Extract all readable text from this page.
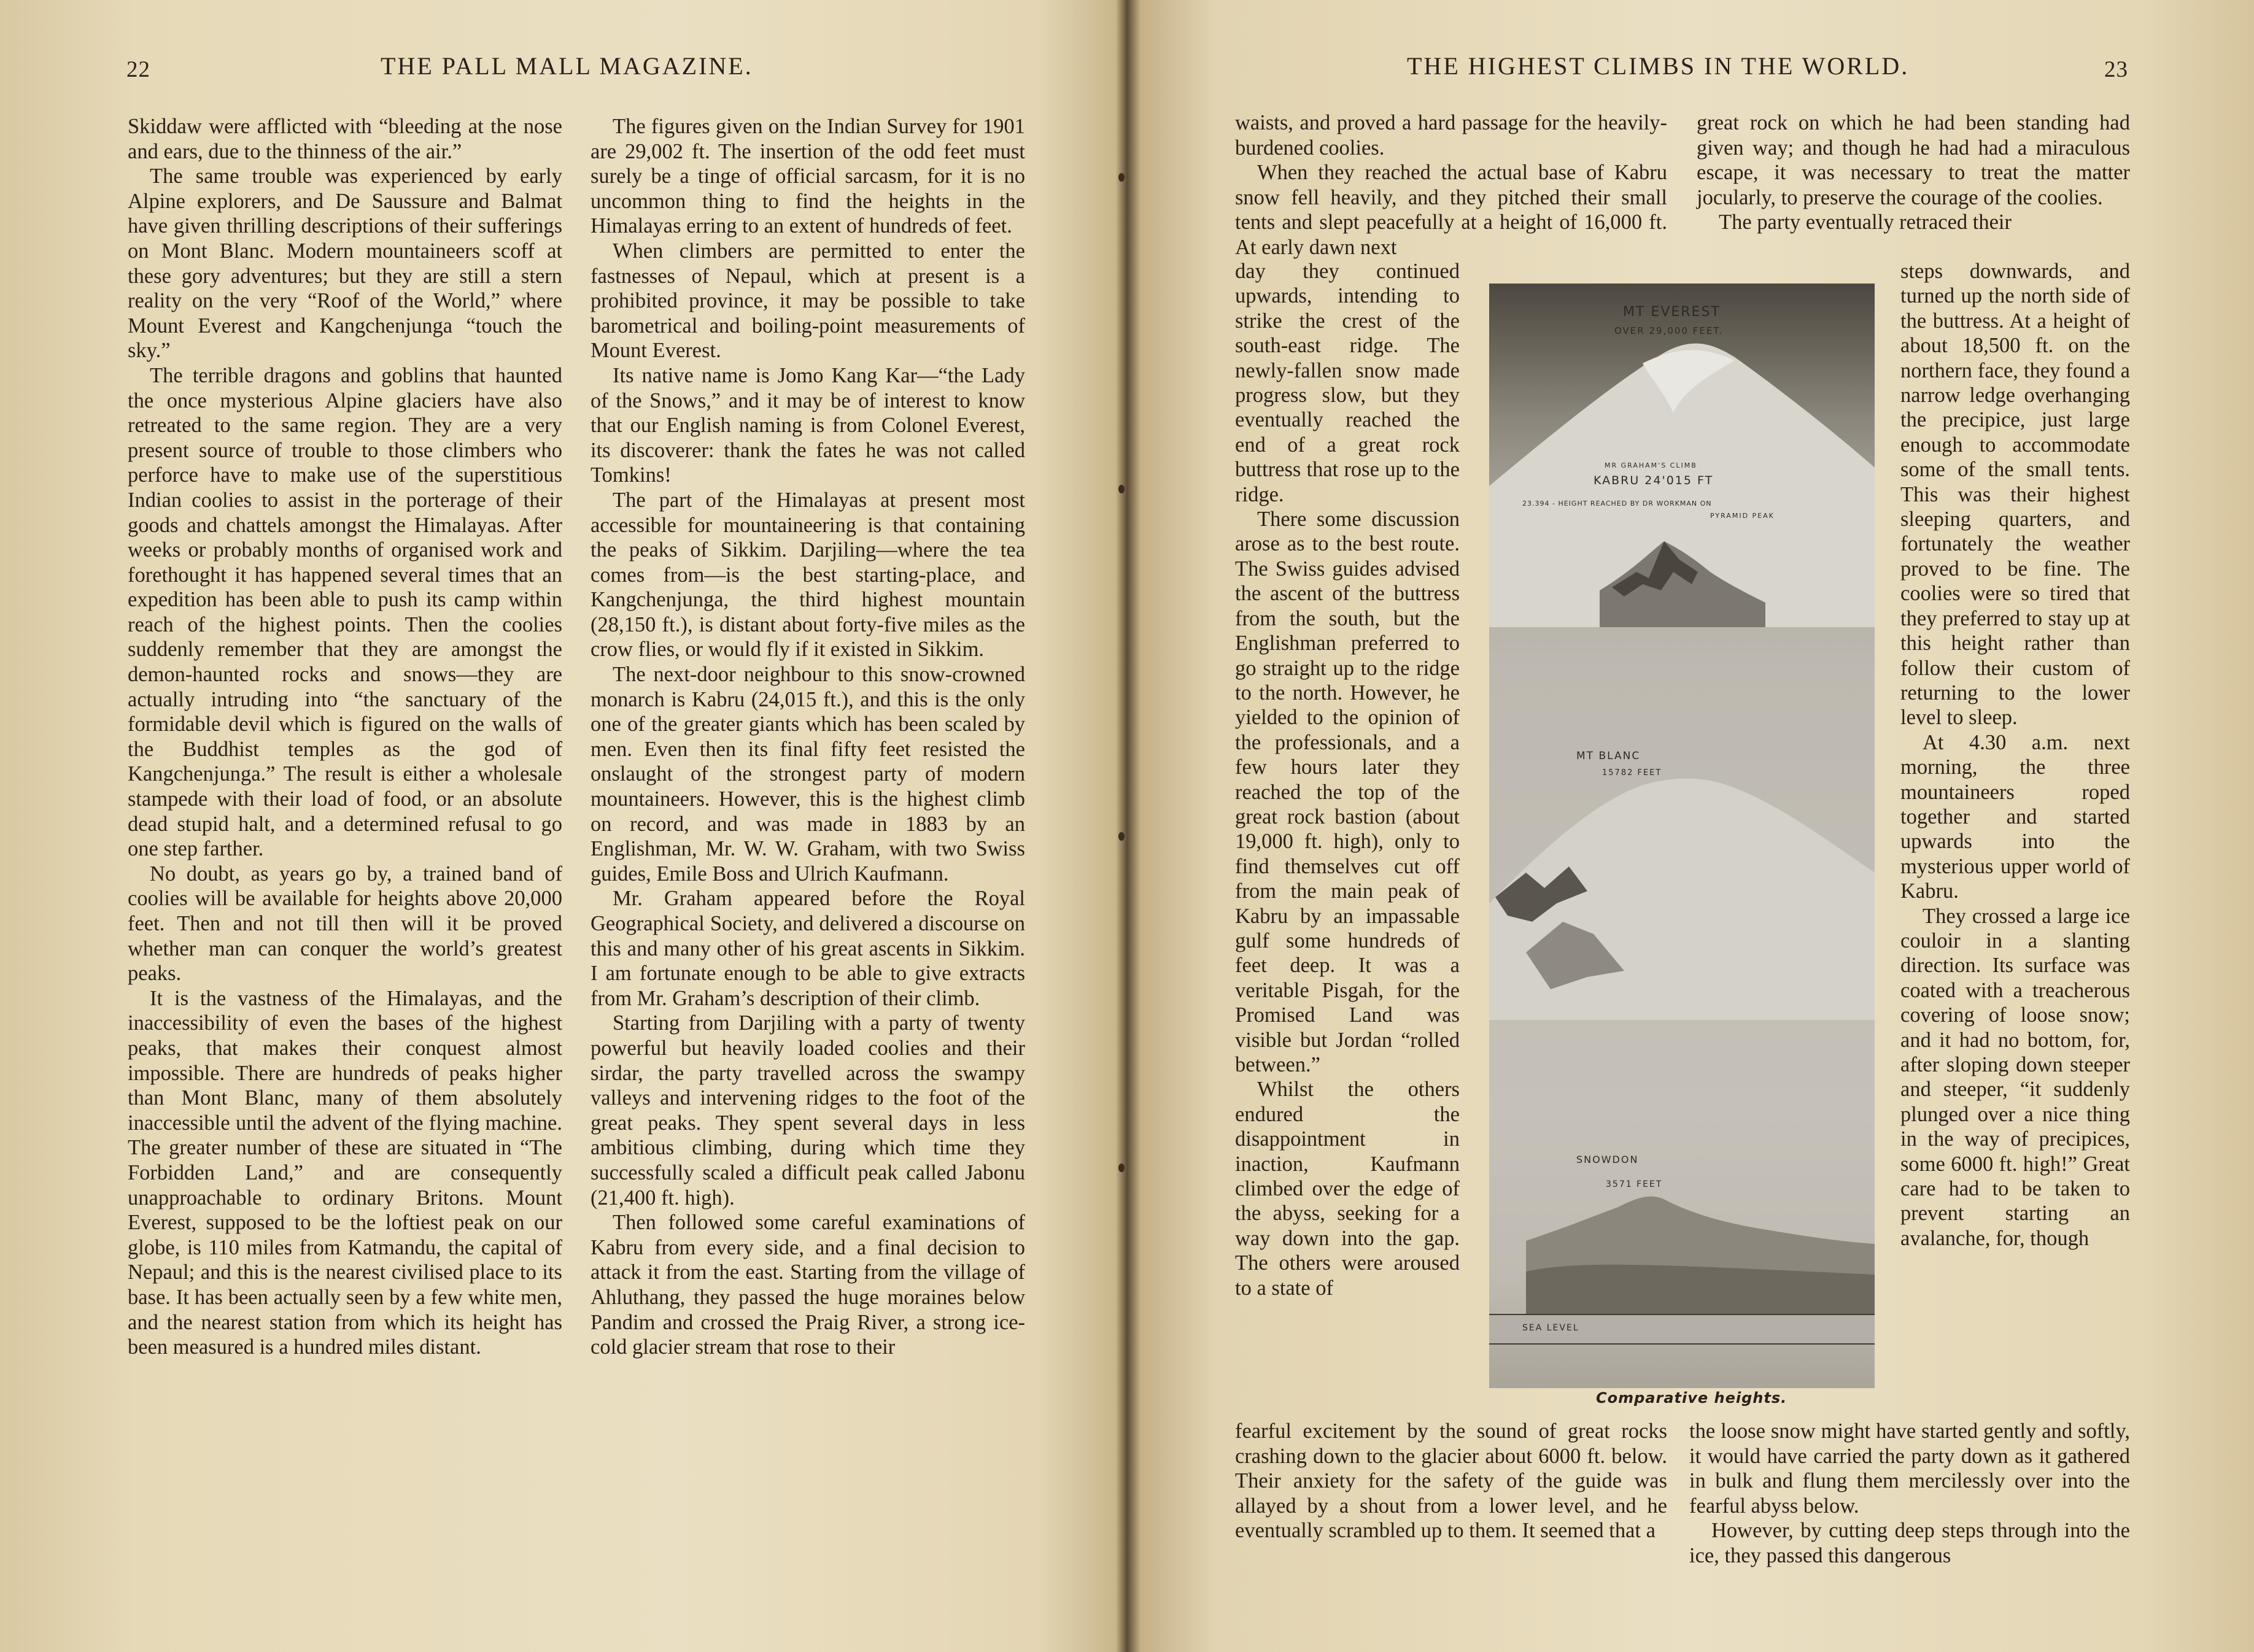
22	THE PALL MALL MAGAZINE.

Skiddaw were afflicted with “bleeding at the nose and ears, due to the thinness of the air.”

The same trouble was experienced by early Alpine explorers, and De Saussure and Balmat have given thrilling descriptions of their sufferings on Mont Blanc. Modern mountaineers scoff at these gory adventures; but they are still a stern reality on the very “Roof of the World,” where Mount Everest and Kangchenjunga “touch the sky.”

The terrible dragons and goblins that haunted the once mysterious Alpine glaciers have also retreated to the same region. They are a very present source of trouble to those climbers who perforce have to make use of the superstitious Indian coolies to assist in the porterage of their goods and chattels amongst the Himalayas. After weeks or probably months of organised work and forethought it has happened several times that an expedition has been able to push its camp within reach of the highest points. Then the coolies suddenly remember that they are amongst the demon-haunted rocks and snows—they are actually intruding into “the sanctuary of the formidable devil which is figured on the walls of the Buddhist temples as the god of Kangchenjunga.” The result is either a wholesale stampede with their load of food, or an absolute dead stupid halt, and a determined refusal to go one step farther.

No doubt, as years go by, a trained band of coolies will be available for heights above 20,000 feet. Then and not till then will it be proved whether man can conquer the world’s greatest peaks.

It is the vastness of the Himalayas, and the inaccessibility of even the bases of the highest peaks, that makes their conquest almost impossible. There are hundreds of peaks higher than Mont Blanc, many of them absolutely inaccessible until the advent of the flying machine. The greater number of these are situated in “The Forbidden Land,” and are consequently unapproachable to ordinary Britons. Mount Everest, supposed to be the loftiest peak on our globe, is 110 miles from Katmandu, the capital of Nepaul; and this is the nearest civilised place to its base. It has been actually seen by a few white men, and the nearest station from which its height has been measured is a hundred miles distant.

The figures given on the Indian Survey for 1901 are 29,002 ft. The insertion of the odd feet must surely be a tinge of official sarcasm, for it is no uncommon thing to find the heights in the Himalayas erring to an extent of hundreds of feet.

When climbers are permitted to enter the fastnesses of Nepaul, which at present is a prohibited province, it may be possible to take barometrical and boiling-point measurements of Mount Everest.

Its native name is Jomo Kang Kar—“the Lady of the Snows,” and it may be of interest to know that our English naming is from Colonel Everest, its discoverer: thank the fates he was not called Tomkins!

The part of the Himalayas at present most accessible for mountaineering is that containing the peaks of Sikkim. Darjiling—where the tea comes from—is the best starting-place, and Kangchenjunga, the third highest mountain (28,150 ft.), is distant about forty-five miles as the crow flies, or would fly if it existed in Sikkim.

The next-door neighbour to this snow-crowned monarch is Kabru (24,015 ft.), and this is the only one of the greater giants which has been scaled by men. Even then its final fifty feet resisted the onslaught of the strongest party of modern mountaineers. However, this is the highest climb on record, and was made in 1883 by an Englishman, Mr. W. W. Graham, with two Swiss guides, Emile Boss and Ulrich Kaufmann.

Mr. Graham appeared before the Royal Geographical Society, and delivered a discourse on this and many other of his great ascents in Sikkim. I am fortunate enough to be able to give extracts from Mr. Graham’s description of their climb.

Starting from Darjiling with a party of twenty powerful but heavily loaded coolies and their sirdar, the party travelled across the swampy valleys and intervening ridges to the foot of the great peaks. They spent several days in less ambitious climbing, during which time they successfully scaled a difficult peak called Jabonu (21,400 ft. high).

Then followed some careful examinations of Kabru from every side, and a final decision to attack it from the east. Starting from the village of Ahluthang, they passed the huge moraines below Pandim and crossed the Praig River, a strong ice-cold glacier stream that rose to their

THE HIGHEST CLIMBS IN THE WORLD.	23

waists, and proved a hard passage for the heavily-burdened coolies.

When they reached the actual base of Kabru snow fell heavily, and they pitched their small tents and slept peacefully at a height of 16,000 ft. At early dawn next

day they continued upwards, intending to strike the crest of the south-east ridge. The newly-fallen snow made progress slow, but they eventually reached the end of a great rock buttress that rose up to the ridge.

There some discussion arose as to the best route. The Swiss guides advised the ascent of the buttress from the south, but the Englishman preferred to go straight up to the ridge to the north. However, he yielded to the opinion of the professionals, and a few hours later they reached the top of the great rock bastion (about 19,000 ft. high), only to find themselves cut off from the main peak of Kabru by an impassable gulf some hundreds of feet deep. It was a veritable Pisgah, for the Promised Land was visible but Jordan “rolled between.”

Whilst the others endured the disappointment in inaction, Kaufmann climbed over the edge of the abyss, seeking for a way down into the gap. The others were aroused to a state of

fearful excitement by the sound of great rocks crashing down to the glacier about 6000 ft. below. Their anxiety for the safety of the guide was allayed by a shout from a lower level, and he eventually scrambled up to them. It seemed that a

great rock on which he had been standing had given way; and though he had had a miraculous escape, it was necessary to treat the matter jocularly, to preserve the courage of the coolies.

The party eventually retraced their

steps downwards, and turned up the north side of the buttress. At a height of about 18,500 ft. on the northern face, they found a narrow ledge overhanging the precipice, just large enough to accommodate some of the small tents. This was their highest sleeping quarters, and fortunately the weather proved to be fine. The coolies were so tired that they preferred to stay up at this height rather than follow their custom of returning to the lower level to sleep.

At 4.30 a.m. next morning, the three mountaineers roped together and started upwards into the mysterious upper world of Kabru.

They crossed a large ice couloir in a slanting direction. Its surface was coated with a treacherous covering of loose snow; and it had no bottom, for, after sloping down steeper and steeper, “it suddenly plunged over a nice thing in the way of precipices, some 6000 ft. high!” Great care had to be taken to prevent starting an avalanche, for, though

the loose snow might have started gently and softly, it would have carried the party down as it gathered in bulk and flung them mercilessly over into the fearful abyss below.

However, by cutting deep steps through into the ice, they passed this dangerous

MT EVEREST
OVER 29,000 FEET.
MR GRAHAM'S CLIMB
KABRU 24'015 FT
23.394 - HEIGHT REACHED BY DR WORKMAN ON
PYRAMID PEAK
MT BLANC
15782 FEET
SNOWDON
3571 FEET
SEA LEVEL
Comparative heights.
